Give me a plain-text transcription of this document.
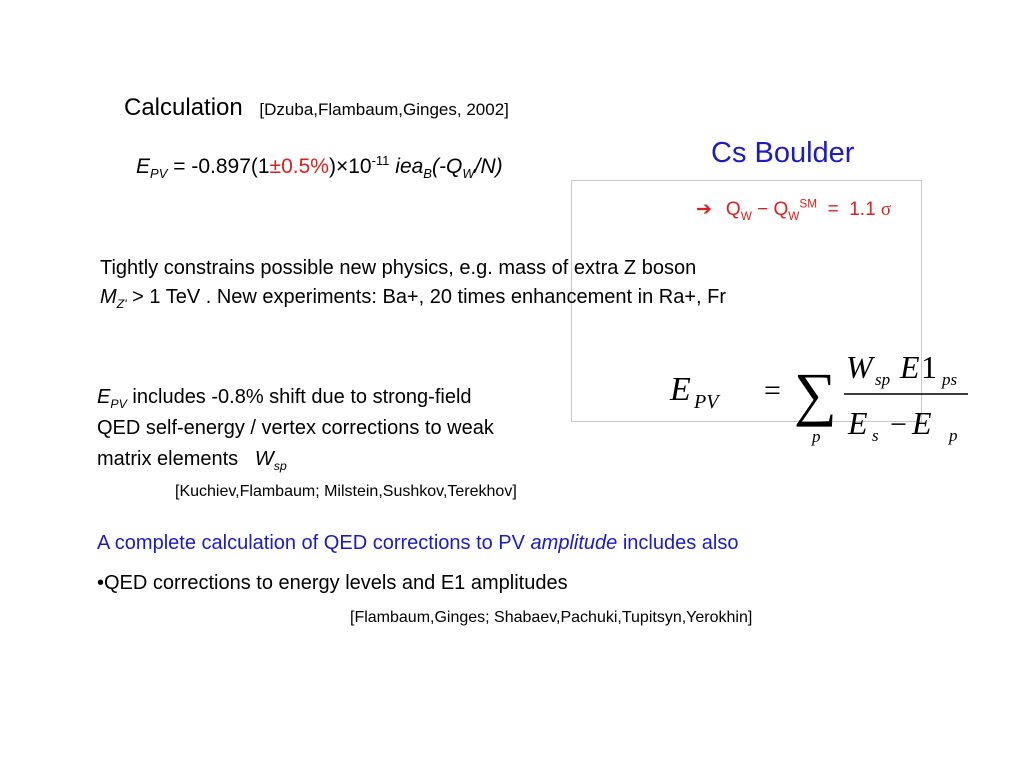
Calculation [Dzuba,Flambaum,Ginges, 2002]
$E_{PV} = -0.897(1\pm 0.5\%)\times 10^{-11}$ $iea_B(-Q_W/N)$	Cs Boulder
➔ $Q_W - Q_W℠ = 1.1$ σ
Tightly constrains possible new physics, e.g. mass of extra Z boson
$M_{Z'} > 1$ TeV . New experiments: Ba+, 20 times enhancement in Ra+, Fr
$E_{PV}$ includes -0.8% shift due to strong-field
QED self-energy / vertex corrections to weak
matrix elements   $W_{sp}$
[Kuchiev,Flambaum; Milstein,Sushkov,Terekhov]
E PV = ∑
p
W sp E 1 ps
E s − E p
A complete calculation of QED corrections to PV amplitude includes also
•QED corrections to energy levels and E1 amplitudes
[Flambaum,Ginges; Shabaev,Pachuki,Tupitsyn,Yerokhin]
